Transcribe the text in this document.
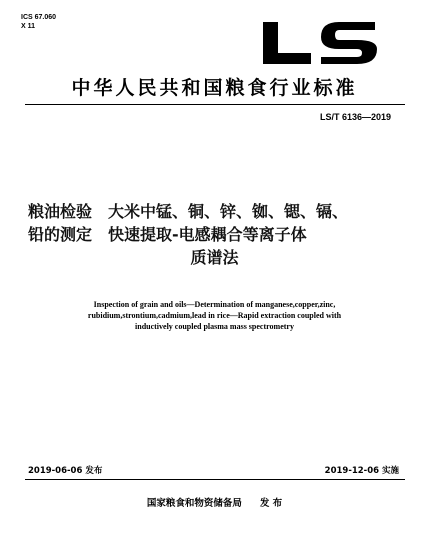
ICS 67.060
X 11
中华人民共和国粮食行业标准
LS/T 6136—2019
粮油检验　大米中锰、铜、锌、铷、锶、镉、
铅的测定　快速提取-电感耦合等离子体
质谱法
Inspection of grain and oils—Determination of manganese,copper,zinc,
rubidium,strontium,cadmium,lead in rice—Rapid extraction coupled with
inductively coupled plasma mass spectrometry
2019-06-06 发布	2019-12-06 实施
国家粮食和物资储备局 发 布
